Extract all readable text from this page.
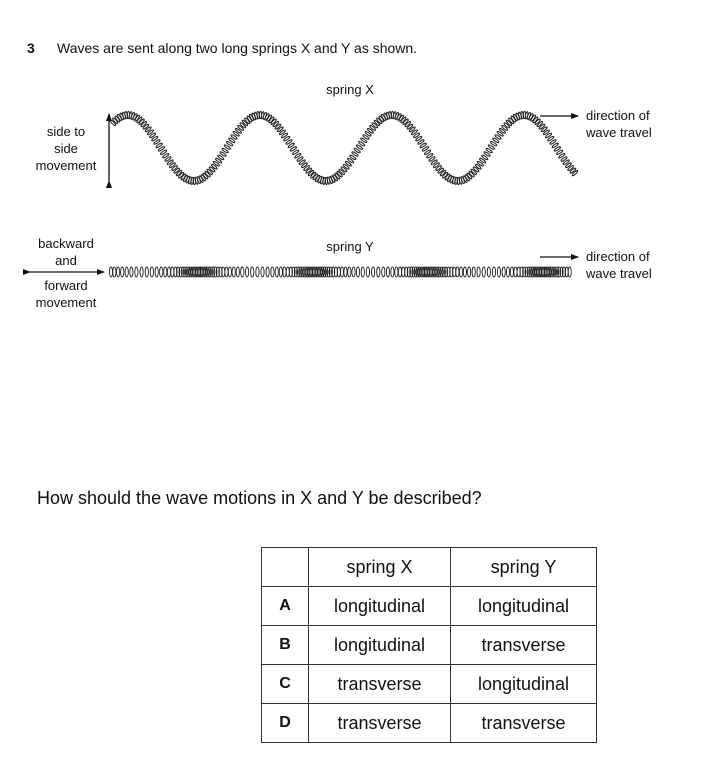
3 Waves are sent along two long springs X and Y as shown.
spring X
side to
side
movement
direction of
wave travel
spring Y
backward
and
forward
movement
direction of
wave travel
How should the wave motions in X and Y be described?
	spring X	spring Y
A	longitudinal	longitudinal
B	longitudinal	transverse
C	transverse	longitudinal
D	transverse	transverse
